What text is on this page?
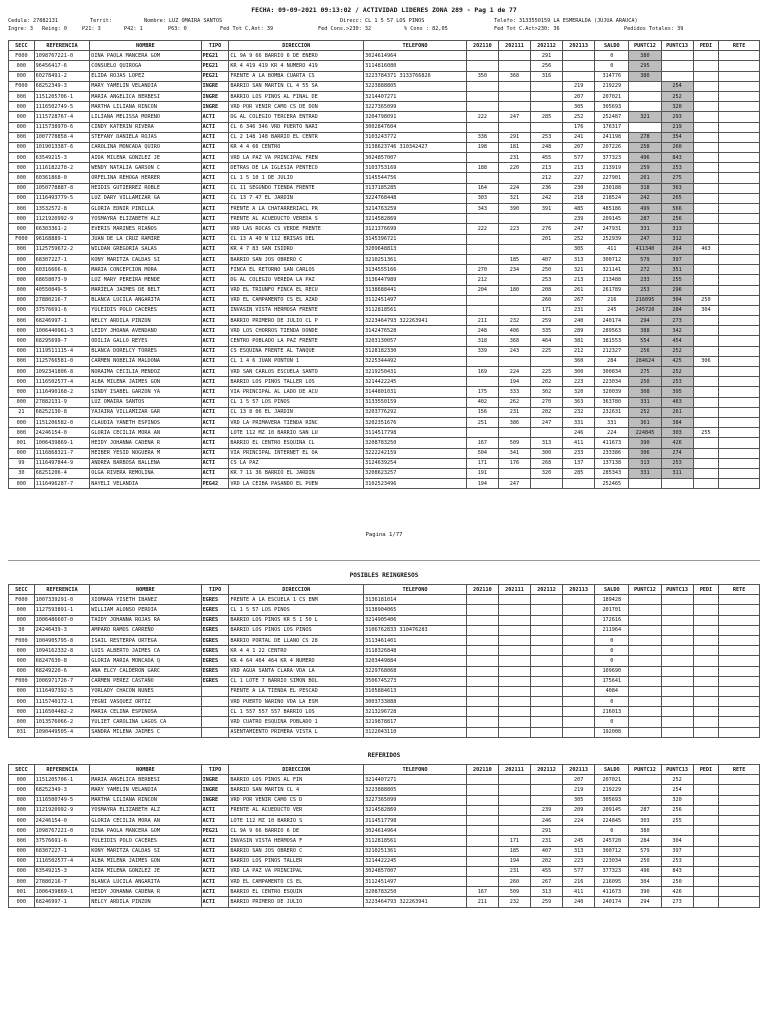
FECHA: 09-09-2021 09:13:02 / ACTIVIDAD LIDERES ZONA 289 - Pag 1 de 77
Cedula: 27882131	Territ:	Nombre: LUZ OMAIRA SANTOS	Direcc: CL 1 5 57 LOS PINOS	Telefo: 3133550159 LA ESMERALDA (JUJUA ARAUCA)
Ingre: 3 Reing: 0	P21: 3	P42: 1	P63: 0	Fed Tot C.Ant: 39	Fed Cons.>230: 32	% Cons : 82,05	Fed Tot C.Act>230: 36	Pedidos Totales: 39
SECC	REFERENCIA	NOMBRE	TIPO	DIRECCION	TELEFONO	202110	202111	202112	202113	SALDO	PUNTC12	PUNTC13	PEDI	RETE
F000	1098767221-0	DINA PAOLA MANCERA GOM	PEG21	CL 9A 9 66 BARRIO 6 DE ENERO	3024614964			291		0	380			
000	96456417-6	CONSUELO QUIROGA	PEG21	KR 4 419 419 KR 4 NUMERO 419	3114816080			256		0	295			
000	60278491-2	ELIDA ROJAS LOPEZ	PEG21	FRENTE A LA BOMBA CUARTA CS	3223784371 3133766826	350	368	316		314776	380			
F000	68252349-3	MARY YAMELIN VELANDIA	INGRE	BARRIO SAN MARTIN CL 4 55 SA	3223888805				219	219229		254		
000	1151205706-1	MARIA ANGELICA BERBESI	INGRE	BARRIO LOS PINOS AL FINAL DE	3214407271				207	207021		252		
000	1116502749-5	MARTHA LILIANA RINCON	INGRE	VRD POR VENIR CAMO CS DE DON	3227365099				305	305693		320		
000	1115728767-4	LILIANA MELISSA MORENO	ACTI	DG AL COLEGIO TERCERA ENTRAD	3204798091	222	247	285	252	252487	321	293		
000	1115738970-6	CINDY KATERIN RIVERA	ACTI	CL 6 346 346 VRD PUERTO NARI	3002847604				176	176317		219		
000	1007778858-4	STEFANY DANIELA ROJAS	ACTI	CL 2 148 148 BARRIO EL CENTR	3103243772	338	291	253	241	241198	278	354		
000	1019013387-6	CAROLINA MONCADA QUIRO	ACTI	KR 4 4 66 CENTRO	3138623746 310342427	198	181	248	207	207226	258	260		
000	63549215-3	AIDA MILENA GONZLEZ JE	ACTI	VRD LA PAZ VA PRINCIPAL FREN	3024857007		231	455	577	377323	496	843		
000	1116182278-2	WENDY NATALIA GARSON C	ACTI	DETRAS DE LA IGLESIA PENTECO	3103753169	188	220	213	213	213919	259	253		
000	60361868-0	ORFELINA REHOGA HERRER	ACTI	CL 1 5 10 1 DE JULIO	3145544756			212	227	227901	261	275		
000	1050778887-8	HEIDIS GUTIERREZ ROBLE	ACTI	CL 11 SEGUNDO TIENDA FRENTE	3137185285	164	224	236	230	230188	318	363		
000	1116493779-5	LUZ DARY VILLAMIZAR GA	ACTI	CL 13 7 47 EL JARDIN	3224768448	303	321	242	218	218524	242	265		
000	13532572-8	GLORIA EDNIR PINILLA	ACTI	FRENTE A LA CHATARRERIACL PR	3214763259	343	390	391	485	485186	499	566		
000	1121920992-9	YOSMAYRA ELIZABETH ALZ	ACTI	FRENTE AL ACUEDUCTO VEREDA S	3214582869				239	209145	287	256		
000	66303361-2	EVERIS MARINES RIAÑOS	ACTI	VRD LAS ROCAS CS VERDE FRENTE	3121376699	222	223	276	247	247931	331	313		
F000	96168889-1	JUAN DE LA CRUZ RAMIRE	ACTI	CL 13 A 40 N 112 BRISAS DEL	3145396721			201	252	252939	247	312		
000	1125759672-2	WILDAN GREGORIA SALAS	ACTI	KR 4 7 83 SAN ISIDRO	3209648813				305	411	411340	264	463	
000	68307227-1	KONY MARITZA CALDAS SI	ACTI	BARRIO SAN JOS OBRERO C	3210251361		185	407	313	300712	579	397		
000	60316666-6	MARIA CONCEPCION MORA	ACTI	FINCA EL RETORNO SAN CARLOS	3134555166	270	234	250	321	321141	272	351		
000	68658073-9	LUZ MARY PEREIRA MENDE	ACTI	DG AL COLEGIO VEREDA LA PAZ	3136447989	212		253	213	213488	233	255		
000	40550049-5	MARIELA JAIMES DE BELT	ACTI	VRD EL TRIUNFO FINCA EL RECU	3138688441	204	180	208	261	261789	253	296		
000	27880216-7	BLANCA LUCILA ANGARITA	ACTI	VRD EL CAMPAMENTO CS EL AZAD	3112451497			260	267	216	216095	304	250	
000	37576691-6	YULEIDIS POLO CACERES	ACTI	INVASIN VISTA HERMOSA FRENTE	3112818561			171	231	245	245720	284	304	
000	68246997-1	NELCY ARDILA PINZON	ACTI	BARRIO PRIMERO DE JULIO CL P	3223464793 322263941	211	232	259	240	240174	294	273		
000	1006440961-3	LEIDY JHOANA AVENDANO	ACTI	VRD LOS CHORROS TIENDA DONDE	3142476528	248	406	335	289	289563	388	342		
000	68295699-7	ODILIA GALLO REYES	ACTI	CENTRO POBLADO LA PAZ FRENTE	3203130057	318	368	464	381	381553	554	454		
000	1119511115-4	BLANCA DORELCY TORRES	ACTI	CS ESQUINA FRENTE AL TANQUE	3128182330	339	243	225	212	212327	256	252		
000	1125766581-0	CARMEN NOBELIA MALDONA	ACTI	CL 1 4 6 JUAN PONTON 1	3225344492				360	284	284624	425	306	
000	1092341806-8	NORAIMA CECILIA MENDOZ	ACTI	VRD SAN CARLOS ESCUELA SANTO	3219250431	169	224	225	300	300834	275	252		
000	1116502577-4	ALBA MILENA JAIMES GON	ACTI	BARRIO LOS PINOS TALLER LOS	3214422245		194	202	223	223034	250	253		
000	1116490168-2	SINDY ISABEL GARZON YA	ACTI	VIA PRINCIPAL AL LADO DE ACU	3144801031	175	333	302	320	320039	308	395		
000	27882131-9	LUZ OMAIRA SANTOS	ACTI	CL 1 5 57 LOS PINOS	3133550159	402	262	270	363	363780	331	463		
21	68252130-8	YAJAIRA VILLAMIZAR GAR	ACTI	CL 13 8 06 EL JARDIN	3203776292	156	231	202	232	232631	252	261		
000	1151206582-0	CLAUDIA YANETH ESPINOS	ACTI	VRD LA PRIMAVERA TIENDA RINC	3202351676	251	386	247	331	331	361	384		
000	24246154-0	GLORIA CECILIA MORA AN	ACTI	LOTE 112 MZ 10 BARRIO SAN LU	3114517798				246	224	224845	303	255	
001	1006439869-1	HEIDY JOHANNA CADENA R	ACTI	BARRIO EL CENTRO ESQUINA CL	3208783250	167	509	313	411	411673	390	426		
000	1116868321-7	HEIBER YESID NOGUERA M	ACTI	VIA PRINCIPAL INTERNET EL OA	3222242159	504	341	300	233	233386	306	274		
99	1116497844-9	ANDREA BARBOSA BALLENA	ACTI	CS LA PAZ	3124639254	171	176	268	137	137138	313	253		
30	68251206-4	OLGA RIVERA REMOLINA	ACTI	KR 7 11 36 BARRIO EL JARDIN	3208623257	191		320	285	285343	331	311		
000	1116496287-7	NAYELI VELANDIA	PEG42	VRD LA CEIBA PASANDO EL PUEN	3102523496	194	247			252465				
Pagina 1/77
POSIBLES REINGRESOS
SECC	REFERENCIA	NOMBRE	TIPO	DIRECCION	TELEFONO	202110	202111	202112	202113	SALDO	PUNTC12	PUNTC13	PEDI	RETE
F000	1007339291-0	XIOMARA YISETH IBANEZ	EGRES	FRENTE A LA ESCUELA 1 CS ENM	3136181014					189428				
000	1127593891-1	WILLIAM ALONSO PERDIA	EGRES	CL 1 5 57 LOS PINOS	3138904065					201701				
000	1006486607-0	TAIDY JOHANNA ROJAS RA	EGRES	BARRIO LOS PINOS KR 5 1 50 L	3214905406					172616				
30	24246439-3	AMPARO RAMOS CARREÑO	EGRES	BARRIO LOS PINOS LOS PINOS	3106762833 310476283					211964				
F000	1004905795-8	ISAIL RESTERPA ORTEGA	EGRES	BARRIO PORTAL DE LLANO CS 28	3113461401					0				
000	1094162332-8	LUIS ALBERTO JAIMES CA	EGRES	KR 4 4 1 22 CENTRO	3118326848					0				
000	68247630-8	GLORIA MARIA MONCADA Q	EGRES	KR 4 64 464 464 KR 4 NUMERO	3203449884					0				
000	68249220-6	ANA ELCY CALDERON GARC	EGRES	VRD AGUA SANTA CLARA VDA LA	3229768068					109690				
F000	1006971726-7	CARMEN PEREZ CASTAÑO	EGRES	CL 1 LOTE 7 BARRIO SIMON BOL	3506745273					175641				
000	1116497392-5	YORLADY CHACON NUNES		FRENTE A LA TIENDA EL PESCAD	3105884613					4084				
000	1115740172-1	YEGNI VASQUEZ ORTIZ		VRD PUERTO NARINO VDA LA ESM	3003733888					0				
000	1116504482-2	MARIA CELINA ESPINOSA		CL 1 557 557 557 BARRIO LOS	3213296728					216013				
000	1013576066-2	YULIET CAROLINA LAGOS CA		VRD CUATRO ESQUINA POBLADO 1	3219878817					0				
031	1090449505-4	SANDRA MILENA JAIMES C		ASENTAMIENTO PRIMERA VISTA L	3122043110					192008				
REFERIDOS
SECC	REFERENCIA	NOMBRE	TIPO	DIRECCION	TELEFONO	202110	202111	202112	202113	SALDO	PUNTC12	PUNTC13	PEDI	RETE
000	1151205706-1	MARIA ANGELICA BERBESI	INGRE	BARRIO LOS PINOS AL FIN	3214407271				207	207021		252		
000	68252349-3	MARY YAMELIN VELANDIA	INGRE	BARRIO SAN MARTIN CL 4	3223888805				219	219229		254		
000	1116500749-5	MARTHA LILIANA RINCON	INGRE	VRD POR VENIR CAMO CS D	3227365099				305	305693		320		
000	1121920992-9	YOSMAYRA ELIZABETH ALZ	ACTI	FRENTE AL ACUEDUCTO VER	3214582869			239	209	209145	287	256		
000	24246154-0	GLORIA CECILIA MORA AN	ACTI	LOTE 112 MZ 10 BARRIO S	3114517798			246	224	224845	303	255		
000	1098767221-0	DINA PAOLA MANCERA GOM	PEG21	CL 9A 9 66 BARRIO 6 DE	3024614964			291		0	380			
000	37576691-6	YULEIDIS POLO CACERES	ACTI	INVASIN VISTA HERMOSA F	3112818561		171	231	245	245720	284	304		
000	68307227-1	KONY MARITZA CALDAS SI	ACTI	BARRIO SAN JOS OBRERO C	3210251361		185	407	313	300712	579	397		
000	1116502577-4	ALBA MILENA JAIMES GON	ACTI	BARRIO LOS PINOS TALLER	3214422245		194	202	223	223034	250	253		
000	63549215-3	AIDA MILENA GONZLEZ JE	ACTI	VRD LA PAZ VA PRINCIPAL	3024857007		231	455	577	377323	496	843		
000	27880216-7	BLANCA LUCILA ANGARITA	ACTI	VRD EL CAMPAMENTO CS EL	3112451497		260	267	216	216095	304	250		
001	1006439869-1	HEIDY JOHANNA CADENA R	ACTI	BARRIO EL CENTRO ESQUIN	3208783250	167	509	313	411	411673	390	426		
000	68246997-1	NELCY ARDILA PINZON	ACTI	BARRIO PRIMERO DE JULIO	3223464793 322263941	211	232	259	240	240174	294	273		
